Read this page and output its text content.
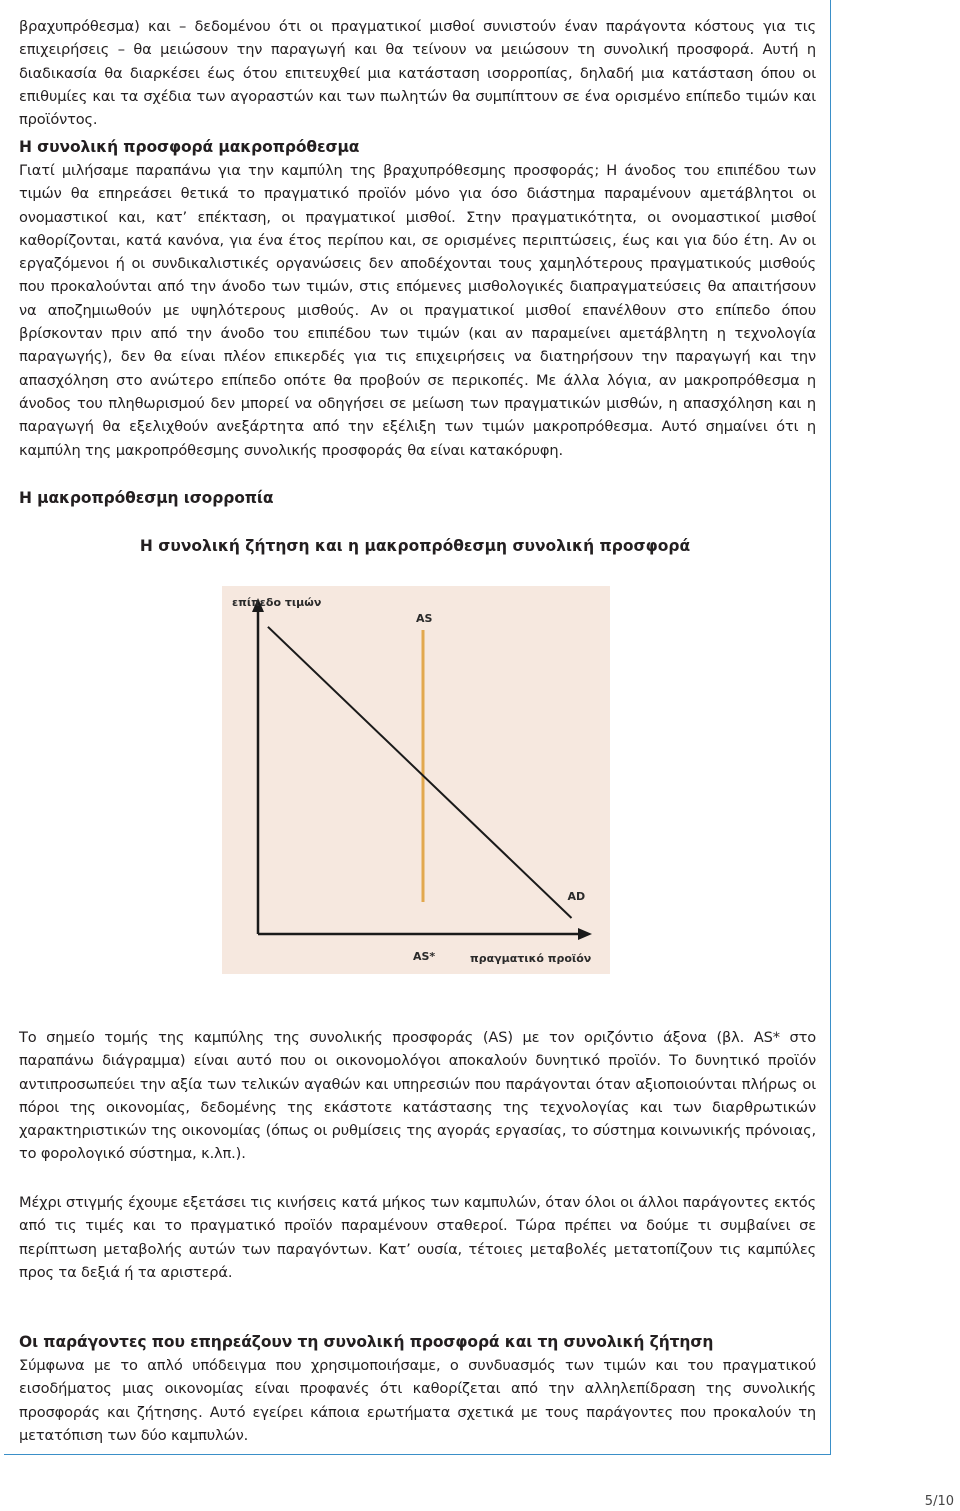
βραχυπρόθεσμα) και – δεδομένου ότι οι πραγματικοί μισθοί συνιστούν έναν παράγοντα κόστους για τις επιχειρήσεις – θα μειώσουν την παραγωγή και θα τείνουν να μειώσουν τη συνολική προσφορά. Αυτή η διαδικασία θα διαρκέσει έως ότου επιτευχθεί μια κατάσταση ισορροπίας, δηλαδή μια κατάσταση όπου οι επιθυμίες και τα σχέδια των αγοραστών και των πωλητών θα συμπίπτουν σε ένα ορισμένο επίπεδο τιμών και προϊόντος.

Η συνολική προσφορά μακροπρόθεσμα

Γιατί μιλήσαμε παραπάνω για την καμπύλη της βραχυπρόθεσμης προσφοράς; Η άνοδος του επιπέδου των τιμών θα επηρεάσει θετικά το πραγματικό προϊόν μόνο για όσο διάστημα παραμένουν αμετάβλητοι οι ονομαστικοί και, κατ’ επέκταση, οι πραγματικοί μισθοί. Στην πραγματικότητα, οι ονομαστικοί μισθοί καθορίζονται, κατά κανόνα, για ένα έτος περίπου και, σε ορισμένες περιπτώσεις, έως και για δύο έτη. Αν οι εργαζόμενοι ή οι συνδικαλιστικές οργανώσεις δεν αποδέχονται τους χαμηλότερους πραγματικούς μισθούς που προκαλούνται από την άνοδο των τιμών, στις επόμενες μισθολογικές διαπραγματεύσεις θα απαιτήσουν να αποζημιωθούν με υψηλότερους μισθούς. Αν οι πραγματικοί μισθοί επανέλθουν στο επίπεδο όπου βρίσκονταν πριν από την άνοδο του επιπέδου των τιμών (και αν παραμείνει αμετάβλητη η τεχνολογία παραγωγής), δεν θα είναι πλέον επικερδές για τις επιχειρήσεις να διατηρήσουν την παραγωγή και την απασχόληση στο ανώτερο επίπεδο οπότε θα προβούν σε περικοπές. Με άλλα λόγια, αν μακροπρόθεσμα η άνοδος του πληθωρισμού δεν μπορεί να οδηγήσει σε μείωση των πραγματικών μισθών, η απασχόληση και η παραγωγή θα εξελιχθούν ανεξάρτητα από την εξέλιξη των τιμών μακροπρόθεσμα. Αυτό σημαίνει ότι η καμπύλη της μακροπρόθεσμης συνολικής προσφοράς θα είναι κατακόρυφη.

Η μακροπρόθεσμη ισορροπία

Η συνολική ζήτηση και η μακροπρόθεσμη συνολική προσφορά

AS
AD
επίπεδο τιμών
πραγματικό προϊόν
AS*

Το σημείο τομής της καμπύλης της συνολικής προσφοράς (AS) με τον οριζόντιο άξονα (βλ. AS* στο παραπάνω διάγραμμα) είναι αυτό που οι οικονομολόγοι αποκαλούν δυνητικό προϊόν. Το δυνητικό προϊόν αντιπροσωπεύει την αξία των τελικών αγαθών και υπηρεσιών που παράγονται όταν αξιοποιούνται πλήρως οι πόροι της οικονομίας, δεδομένης της εκάστοτε κατάστασης της τεχνολογίας και των διαρθρωτικών χαρακτηριστικών της οικονομίας (όπως οι ρυθμίσεις της αγοράς εργασίας, το σύστημα κοινωνικής πρόνοιας, το φορολογικό σύστημα, κ.λπ.).

Μέχρι στιγμής έχουμε εξετάσει τις κινήσεις κατά μήκος των καμπυλών, όταν όλοι οι άλλοι παράγοντες εκτός από τις τιμές και το πραγματικό προϊόν παραμένουν σταθεροί. Τώρα πρέπει να δούμε τι συμβαίνει σε περίπτωση μεταβολής αυτών των παραγόντων. Κατ’ ουσία, τέτοιες μεταβολές μετατοπίζουν τις καμπύλες προς τα δεξιά ή τα αριστερά.

Οι παράγοντες που επηρεάζουν τη συνολική προσφορά και τη συνολική ζήτηση

Σύμφωνα με το απλό υπόδειγμα που χρησιμοποιήσαμε, ο συνδυασμός των τιμών και του πραγματικού εισοδήματος μιας οικονομίας είναι προφανές ότι καθορίζεται από την αλληλεπίδραση της συνολικής προσφοράς και ζήτησης. Αυτό εγείρει κάποια ερωτήματα σχετικά με τους παράγοντες που προκαλούν τη μετατόπιση των δύο καμπυλών.

5/10
